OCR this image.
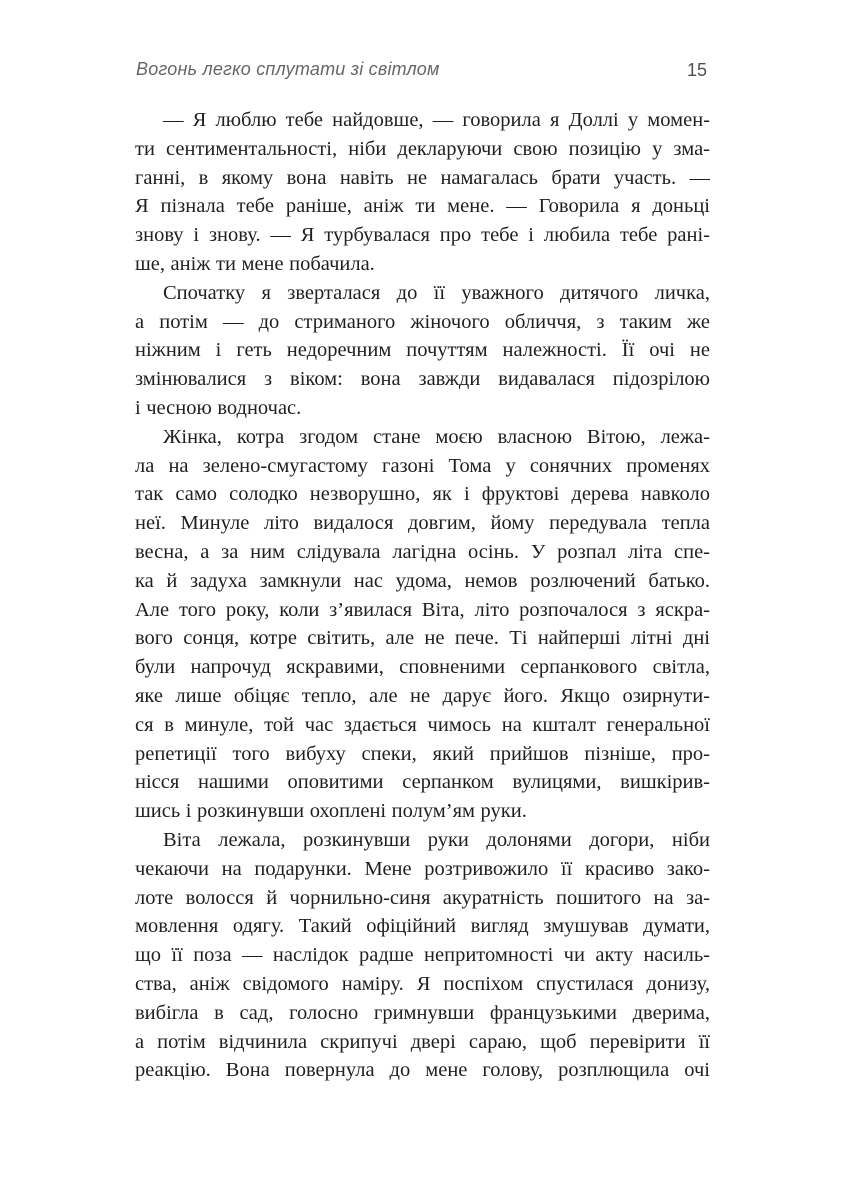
Вогонь легко сплутати зі світлом	15

— Я люблю тебе найдовше, — говорила я Доллі у момен-
ти сентиментальності, ніби декларуючи свою позицію у зма-
ганні, в якому вона навіть не намагалась брати участь. —
Я пізнала тебе раніше, аніж ти мене. — Говорила я доньці
знову і знову. — Я турбувалася про тебе і любила тебе рані-
ше, аніж ти мене побачила.

Спочатку я зверталася до її уважного дитячого личка,
а потім — до стриманого жіночого обличчя, з таким же
ніжним і геть недоречним почуттям належності. Її очі не
змінювалися з віком: вона завжди видавалася підозрілою
і чесною водночас.

Жінка, котра згодом стане моєю власною Вітою, лежа-
ла на зелено-смугастому газоні Тома у сонячних променях
так само солодко незворушно, як і фруктові дерева навколо
неї. Минуле літо видалося довгим, йому передувала тепла
весна, а за ним слідувала лагідна осінь. У розпал літа спе-
ка й задуха замкнули нас удома, немов розлючений батько.
Але того року, коли з’явилася Віта, літо розпочалося з яскра-
вого сонця, котре світить, але не пече. Ті найперші літні дні
були напрочуд яскравими, сповненими серпанкового світла,
яке лише обіцяє тепло, але не дарує його. Якщо озирнути-
ся в минуле, той час здається чимось на кшталт генеральної
репетиції того вибуху спеки, який прийшов пізніше, про-
нісся нашими оповитими серпанком вулицями, вишкірив-
шись і розкинувши охоплені полум’ям руки.

Віта лежала, розкинувши руки долонями догори, ніби
чекаючи на подарунки. Мене розтривожило її красиво зако-
лоте волосся й чорнильно-синя акуратність пошитого на за-
мовлення одягу. Такий офіційний вигляд змушував думати,
що її поза — наслідок радше непритомності чи акту насиль-
ства, аніж свідомого наміру. Я поспіхом спустилася донизу,
вибігла в сад, голосно гримнувши французькими дверима,
а потім відчинила скрипучі двері сараю, щоб перевірити її
реакцію. Вона повернула до мене голову, розплющила очі
